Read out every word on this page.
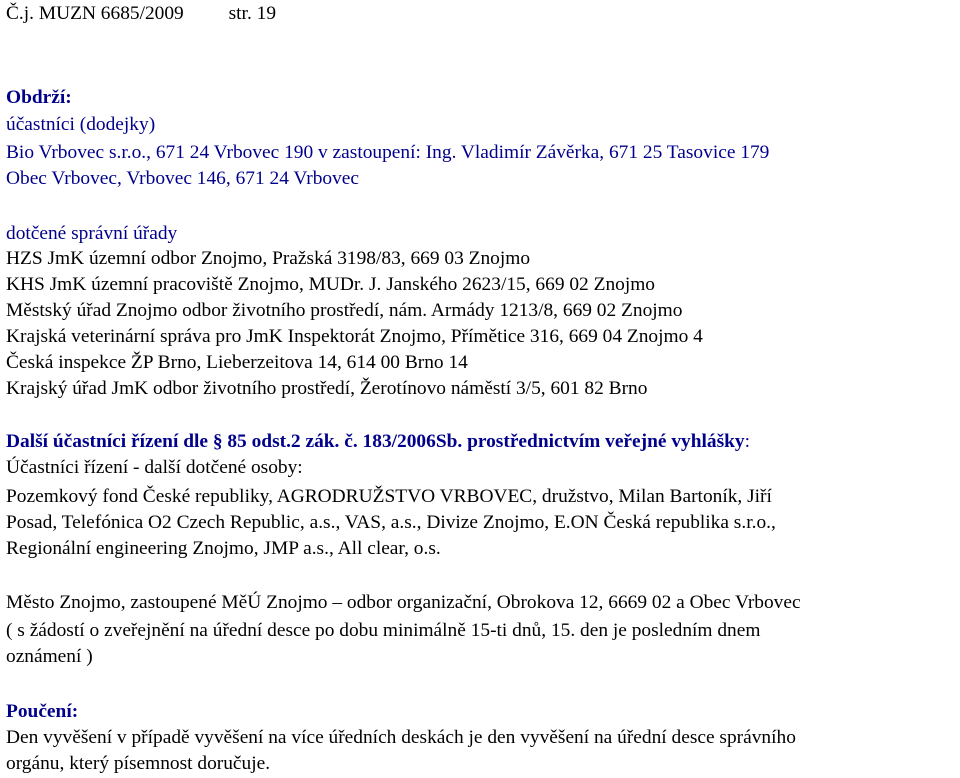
Č.j. MUZN 6685/2009 str. 19
Obdrží:
účastníci (dodejky)
Bio Vrbovec s.r.o., 671 24 Vrbovec 190 v zastoupení: Ing. Vladimír Závěrka, 671 25 Tasovice 179
Obec Vrbovec, Vrbovec 146, 671 24 Vrbovec
dotčené správní úřady
HZS JmK územní odbor Znojmo, Pražská 3198/83, 669 03 Znojmo
KHS JmK územní pracoviště Znojmo, MUDr. J. Janského 2623/15, 669 02 Znojmo
Městský úřad Znojmo odbor životního prostředí, nám. Armády 1213/8, 669 02 Znojmo
Krajská veterinární správa pro JmK Inspektorát Znojmo, Přímětice 316, 669 04 Znojmo 4
Česká inspekce ŽP Brno, Lieberzeitova 14, 614 00 Brno 14
Krajský úřad JmK odbor životního prostředí, Žerotínovo náměstí 3/5, 601 82 Brno
Další účastníci řízení dle § 85 odst.2 zák. č. 183/2006Sb. prostřednictvím veřejné vyhlášky:
Účastníci řízení - další dotčené osoby:
Pozemkový fond České republiky, AGRODRUŽSTVO VRBOVEC, družstvo, Milan Bartoník, Jiří
Posad, Telefónica O2 Czech Republic, a.s., VAS, a.s., Divize Znojmo, E.ON Česká republika s.r.o.,
Regionální engineering Znojmo, JMP a.s., All clear, o.s.
Město Znojmo, zastoupené MěÚ Znojmo – odbor organizační, Obrokova 12, 6669 02 a Obec Vrbovec
( s žádostí o zveřejnění na úřední desce po dobu minimálně 15-ti dnů, 15. den je posledním dnem
oznámení )
Poučení:
Den vyvěšení v případě vyvěšení na více úředních deskách je den vyvěšení na úřední desce správního
orgánu, který písemnost doručuje.
